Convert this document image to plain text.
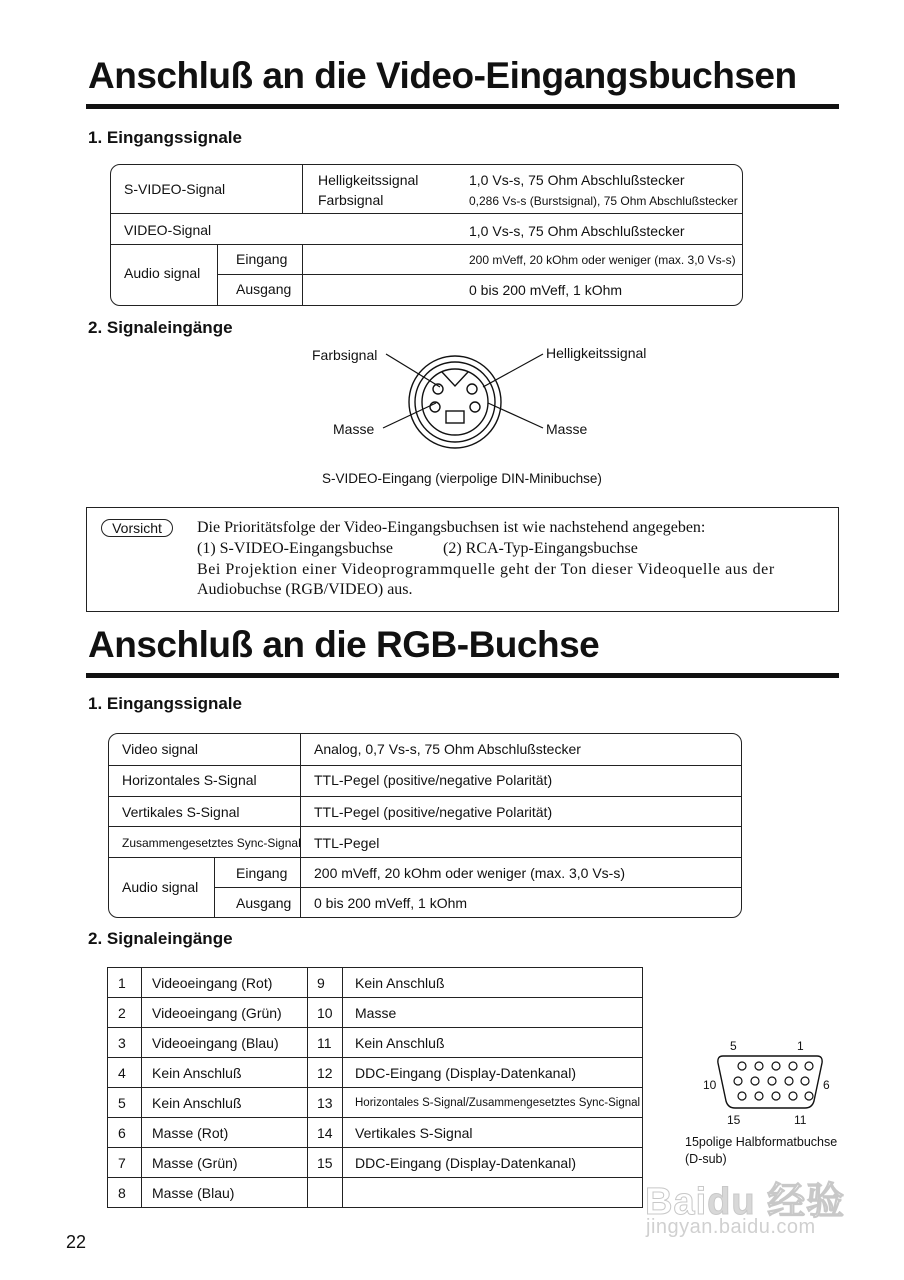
Anschluß an die Video-Eingangsbuchsen
1. Eingangssignale
S-VIDEO-Signal
Helligkeitssignal	1,0 Vs-s, 75 Ohm Abschlußstecker
Farbsignal	0,286 Vs-s (Burstsignal), 75 Ohm Abschlußstecker
VIDEO-Signal	1,0 Vs-s, 75 Ohm Abschlußstecker
Audio signal
Eingang	200 mVeff, 20 kOhm oder weniger (max. 3,0 Vs-s)
Ausgang	0 bis 200 mVeff, 1 kOhm
2. Signaleingänge
Farbsignal	Helligkeitssignal
Masse	Masse
S-VIDEO-Eingang (vierpolige DIN-Minibuchse)
Vorsicht	Die Prioritätsfolge der Video-Eingangsbuchsen ist wie nachstehend angegeben:
(1) S-VIDEO-Eingangsbuchse	(2) RCA-Typ-Eingangsbuchse
Bei Projektion einer Videoprogrammquelle geht der Ton dieser Videoquelle aus der
Audiobuchse (RGB/VIDEO) aus.
Anschluß an die RGB-Buchse
1. Eingangssignale
Video signal	Analog, 0,7 Vs-s, 75 Ohm Abschlußstecker
Horizontales S-Signal	TTL-Pegel (positive/negative Polarität)
Vertikales S-Signal	TTL-Pegel (positive/negative Polarität)
Zusammengesetztes Sync-Signal TTL-Pegel
Audio signal
Eingang 200 mVeff, 20 kOhm oder weniger (max. 3,0 Vs-s)
Ausgang 0 bis 200 mVeff, 1 kOhm
2. Signaleingänge
1	Videoeingang (Rot)	9	Kein Anschluß
2	Videoeingang (Grün)	10	Masse
3	Videoeingang (Blau)	11	Kein Anschluß
4	Kein Anschluß	12	DDC-Eingang (Display-Datenkanal)
5	Kein Anschluß	13	Horizontales S-Signal/Zusammengesetztes Sync-Signal
6	Masse (Rot)	14	Vertikales S-Signal
7	Masse (Grün)	15	DDC-Eingang (Display-Datenkanal)
8	Masse (Blau)		
5	1
10	6
15	11
15polige Halbformatbuchse
(D-sub)
Baidu 经验
jingyan.baidu.com
22
